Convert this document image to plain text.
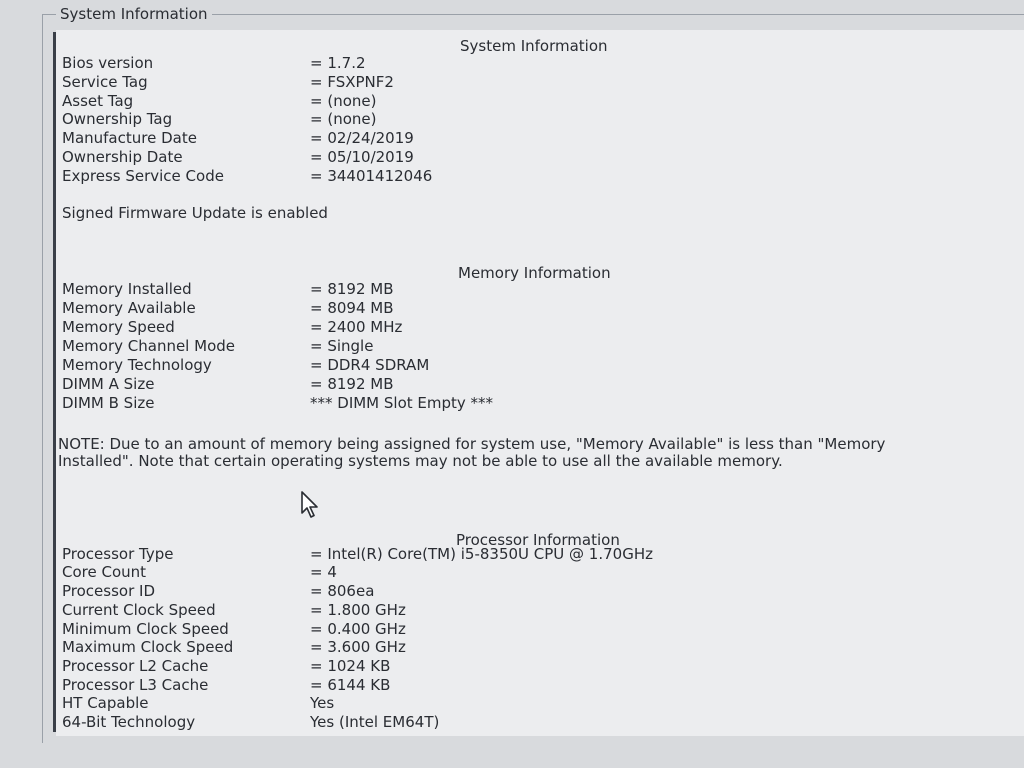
System Information
System Information
Bios version	= 1.7.2
Service Tag	= FSXPNF2
Asset Tag	= (none)
Ownership Tag	= (none)
Manufacture Date	= 02/24/2019
Ownership Date	= 05/10/2019
Express Service Code	= 34401412046
Signed Firmware Update is enabled
Memory Information
Memory Installed	= 8192 MB
Memory Available	= 8094 MB
Memory Speed	= 2400 MHz
Memory Channel Mode	= Single
Memory Technology	= DDR4 SDRAM
DIMM A Size	= 8192 MB
DIMM B Size	*** DIMM Slot Empty ***
NOTE: Due to an amount of memory being assigned for system use, "Memory Available" is less than "Memory Installed". Note that certain operating systems may not be able to use all the available memory.
Processor Information
Processor Type	= Intel(R) Core(TM) i5-8350U CPU @ 1.70GHz
Core Count	= 4
Processor ID	= 806ea
Current Clock Speed	= 1.800 GHz
Minimum Clock Speed	= 0.400 GHz
Maximum Clock Speed	= 3.600 GHz
Processor L2 Cache	= 1024 KB
Processor L3 Cache	= 6144 KB
HT Capable	Yes
64-Bit Technology	Yes (Intel EM64T)
